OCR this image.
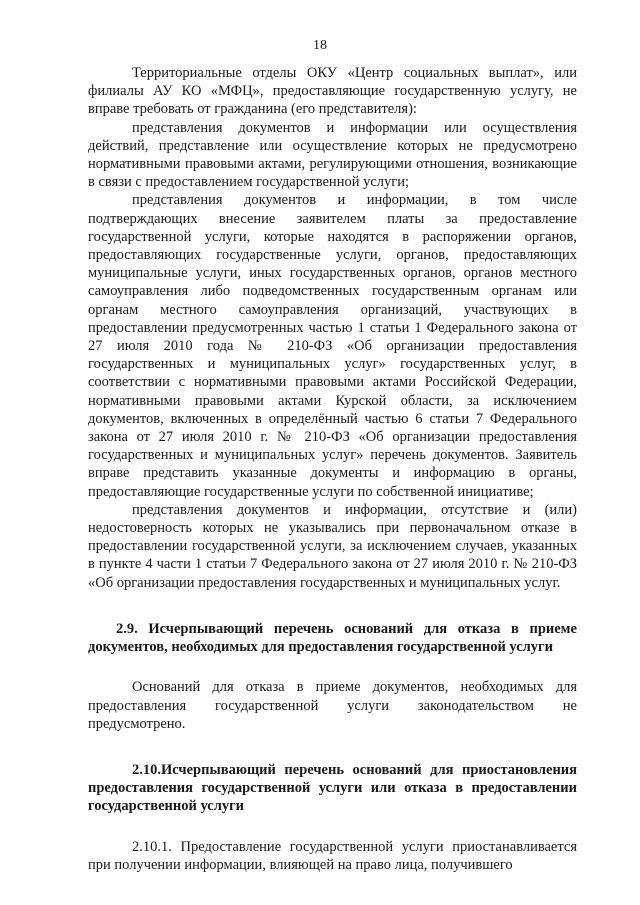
18

Территориальные отделы ОКУ «Центр социальных выплат», или филиалы АУ КО «МФЦ», предоставляющие государственную услугу, не вправе требовать от гражданина (его представителя):

представления документов и информации или осуществления действий, представление или осуществление которых не предусмотрено нормативными правовыми актами, регулирующими отношения, возникающие в связи с предоставлением государственной услуги;

представления документов и информации, в том числе подтверждающих внесение заявителем платы за предоставление государственной услуги, которые находятся в распоряжении органов, предоставляющих государственные услуги, органов, предоставляющих муниципальные услуги, иных государственных органов, органов местного самоуправления либо подведомственных государственным органам или органам местного самоуправления организаций, участвующих в предоставлении предусмотренных частью 1 статьи 1 Федерального закона от 27 июля 2010 года № 210-ФЗ «Об организации предоставления государственных и муниципальных услуг» государственных услуг, в соответствии с нормативными правовыми актами Российской Федерации, нормативными правовыми актами Курской области, за исключением документов, включенных в определённый частью 6 статьи 7 Федерального закона от 27 июля 2010 г. № 210-ФЗ «Об организации предоставления государственных и муниципальных услуг» перечень документов. Заявитель вправе представить указанные документы и информацию в органы, предоставляющие государственные услуги по собственной инициативе;

представления документов и информации, отсутствие и (или) недостоверность которых не указывались при первоначальном отказе в предоставлении государственной услуги, за исключением случаев, указанных в пункте 4 части 1 статьи 7 Федерального закона от 27 июля 2010 г. № 210-ФЗ «Об организации предоставления государственных и муниципальных услуг.

2.9. Исчерпывающий перечень оснований для отказа в приеме документов, необходимых для предоставления государственной услуги

Оснований для отказа в приеме документов, необходимых для предоставления государственной услуги законодательством не предусмотрено.

2.10.Исчерпывающий перечень оснований для приостановления предоставления государственной услуги или отказа в предоставлении государственной услуги

2.10.1. Предоставление государственной услуги приостанавливается при получении информации, влияющей на право лица, получившего
